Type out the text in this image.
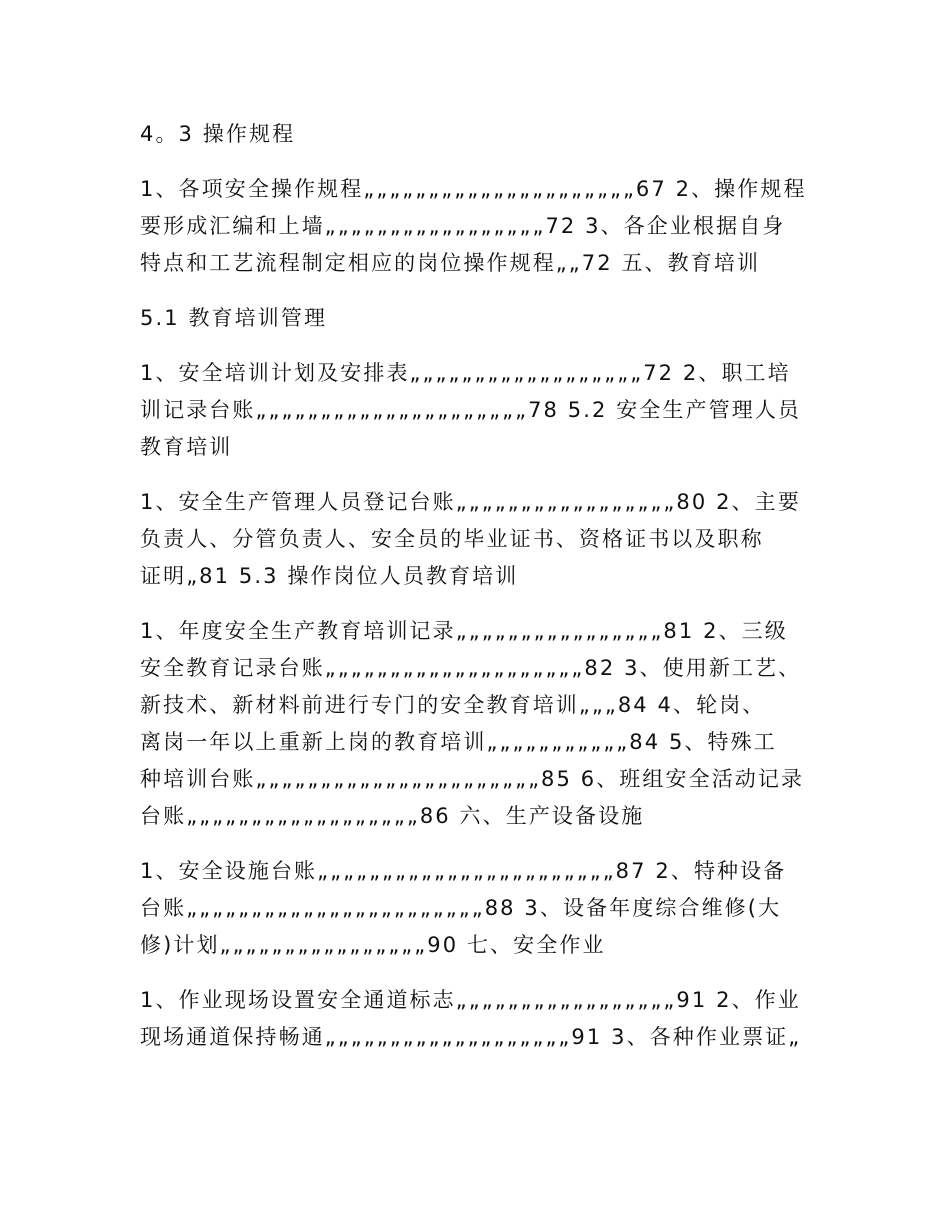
4。3 操作规程

1、各项安全操作规程„„„„„„„„„„„„„„„„„„„„„67 2、操作规程

要形成汇编和上墙„„„„„„„„„„„„„„„„„72 3、各企业根据自身

特点和工艺流程制定相应的岗位操作规程„„72 五、教育培训

5.1 教育培训管理

1、安全培训计划及安排表„„„„„„„„„„„„„„„„„„72 2、职工培

训记录台账„„„„„„„„„„„„„„„„„„„„„78 5.2 安全生产管理人员

教育培训

1、安全生产管理人员登记台账„„„„„„„„„„„„„„„„„80 2、主要

负责人、分管负责人、安全员的毕业证书、资格证书以及职称

证明„81 5.3 操作岗位人员教育培训

1、年度安全生产教育培训记录„„„„„„„„„„„„„„„„81 2、三级

安全教育记录台账„„„„„„„„„„„„„„„„„„„„82 3、使用新工艺、

新技术、新材料前进行专门的安全教育培训„„„84 4、轮岗、

离岗一年以上重新上岗的教育培训„„„„„„„„„„„84 5、特殊工

种培训台账„„„„„„„„„„„„„„„„„„„„„„85 6、班组安全活动记录

台账„„„„„„„„„„„„„„„„„„86 六、生产设备设施

1、安全设施台账„„„„„„„„„„„„„„„„„„„„„„„87 2、特种设备

台账„„„„„„„„„„„„„„„„„„„„„„„88 3、设备年度综合维修(大

修)计划„„„„„„„„„„„„„„„„90 七、安全作业

1、作业现场设置安全通道标志„„„„„„„„„„„„„„„„„91 2、作业

现场通道保持畅通„„„„„„„„„„„„„„„„„„„91 3、各种作业票证„
